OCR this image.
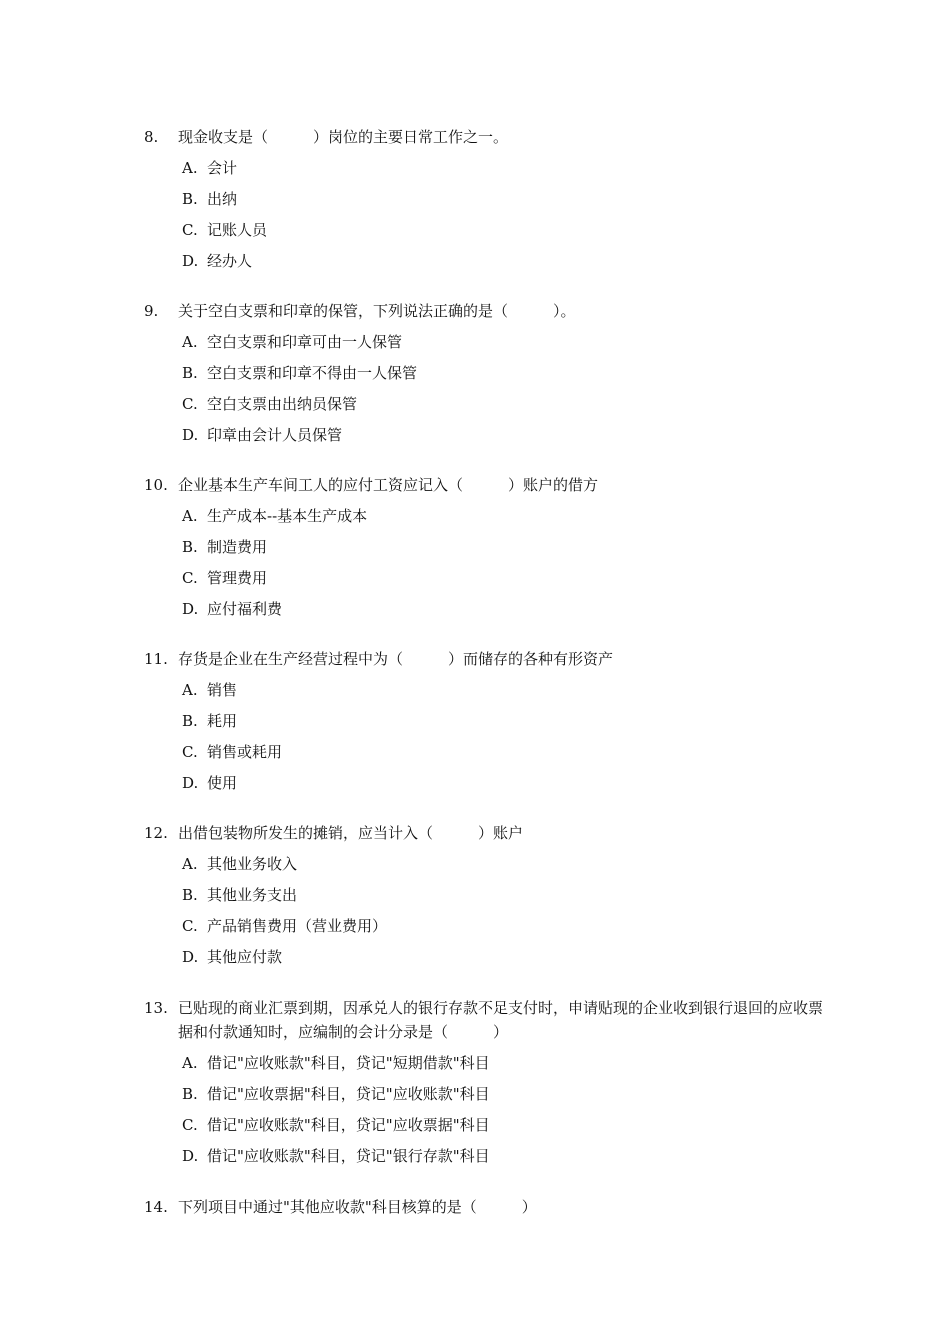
8.	现金收支是（　　　）岗位的主要日常工作之一。
A. 会计
B. 出纳
C. 记账人员
D. 经办人
9.	关于空白支票和印章的保管，下列说法正确的是（　　　）。
A. 空白支票和印章可由一人保管
B. 空白支票和印章不得由一人保管
C. 空白支票由出纳员保管
D. 印章由会计人员保管
10. 企业基本生产车间工人的应付工资应记入（　　　）账户的借方
A. 生产成本--基本生产成本
B. 制造费用
C. 管理费用
D. 应付福利费
11. 存货是企业在生产经营过程中为（　　　）而储存的各种有形资产
A. 销售
B. 耗用
C. 销售或耗用
D. 使用
12. 出借包装物所发生的摊销，应当计入（　　　）账户
A. 其他业务收入
B. 其他业务支出
C. 产品销售费用（营业费用）
D. 其他应付款
13. 已贴现的商业汇票到期，因承兑人的银行存款不足支付时，申请贴现的企业收到银行退回的应收票据和付款通知时，应编制的会计分录是（　　　）
A. 借记"应收账款"科目，贷记"短期借款"科目
B. 借记"应收票据"科目，贷记"应收账款"科目
C. 借记"应收账款"科目，贷记"应收票据"科目
D. 借记"应收账款"科目，贷记"银行存款"科目
14. 下列项目中通过"其他应收款"科目核算的是（　　　）
